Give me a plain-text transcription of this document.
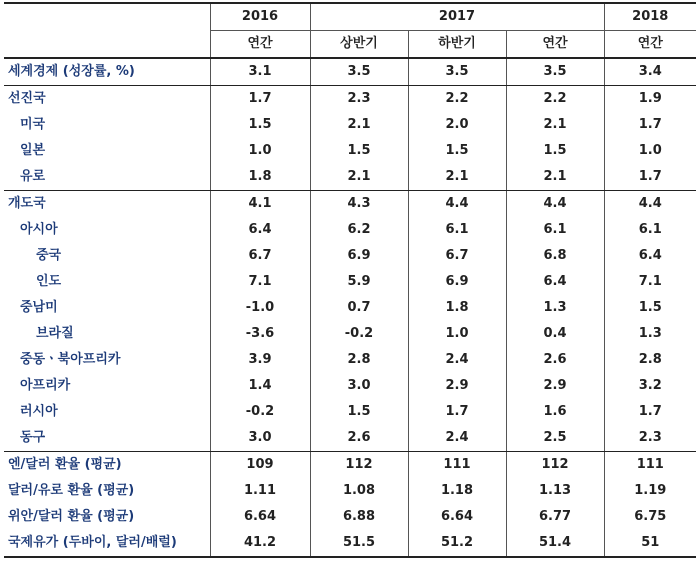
	2016	2017			2018
	연간	상반기	하반기	연간	연간
세계경제 (성장률, %)	3.1	3.5	3.5	3.5	3.4
선진국	1.7	2.3	2.2	2.2	1.9
미국	1.5	2.1	2.0	2.1	1.7
일본	1.0	1.5	1.5	1.5	1.0
유로	1.8	2.1	2.1	2.1	1.7
개도국	4.1	4.3	4.4	4.4	4.4
아시아	6.4	6.2	6.1	6.1	6.1
중국	6.7	6.9	6.7	6.8	6.4
인도	7.1	5.9	6.9	6.4	7.1
중남미	-1.0	0.7	1.8	1.3	1.5
브라질	-3.6	-0.2	1.0	0.4	1.3
중동ㆍ북아프리카	3.9	2.8	2.4	2.6	2.8
아프리카	1.4	3.0	2.9	2.9	3.2
러시아	-0.2	1.5	1.7	1.6	1.7
동구	3.0	2.6	2.4	2.5	2.3
엔/달러 환율 (평균)	109	112	111	112	111
달러/유로 환율 (평균)	1.11	1.08	1.18	1.13	1.19
위안/달러 환율 (평균)	6.64	6.88	6.64	6.77	6.75
국제유가 (두바이, 달러/배럴)	41.2	51.5	51.2	51.4	51
